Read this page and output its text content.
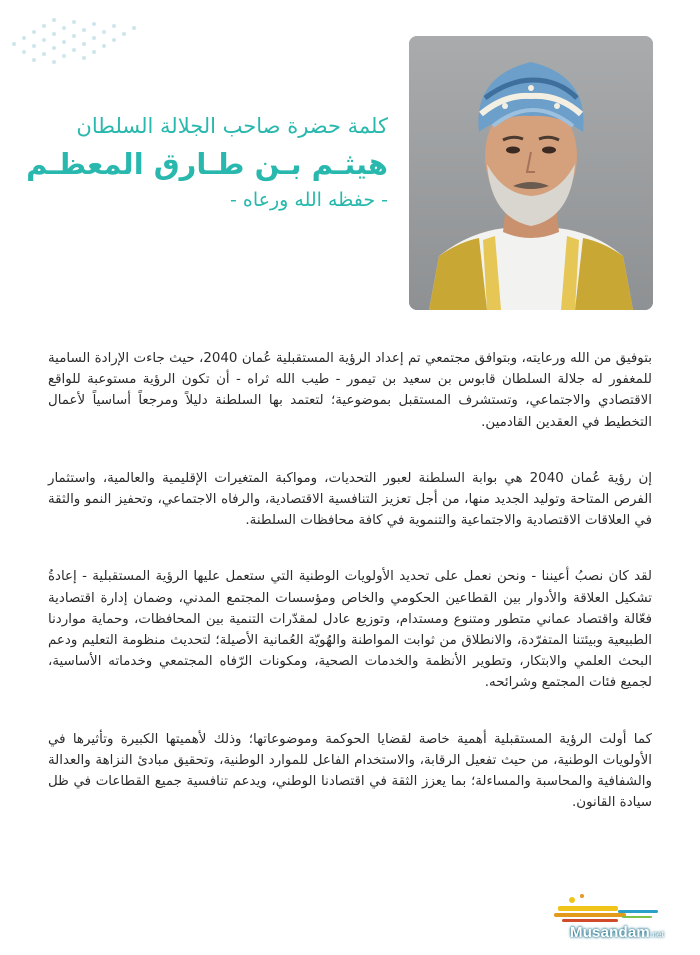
كلمة حضرة صاحب الجلالة السلطان
هيثـم بـن طـارق المعظـم
- حفظه الله ورعاه -

بتوفيق من الله ورعايته، وبتوافق مجتمعي تم إعداد الرؤية المستقبلية عُمان 2040، حيث جاءت الإرادة السامية للمغفور له جلالة السلطان قابوس بن سعيد بن تيمور - طيب الله ثراه - أن تكون الرؤية مستوعبة للواقع الاقتصادي والاجتماعي، وتستشرف المستقبل بموضوعية؛ لتعتمد بها السلطنة دليلاً ومرجعاً أساسياً لأعمال التخطيط في العقدين القادمين.

إن رؤية عُمان 2040 هي بوابة السلطنة لعبور التحديات، ومواكبة المتغيرات الإقليمية والعالمية، واستثمار الفرص المتاحة وتوليد الجديد منها، من أجل تعزيز التنافسية الاقتصادية، والرفاه الاجتماعي، وتحفيز النمو والثقة في العلاقات الاقتصادية والاجتماعية والتنموية في كافة محافظات السلطنة.

لقد كان نصبُ أعيننا - ونحن نعمل على تحديد الأولويات الوطنية التي ستعمل عليها الرؤية المستقبلية - إعادةُ تشكيل العلاقة والأدوار بين القطاعين الحكومي والخاص ومؤسسات المجتمع المدني، وضمان إدارة اقتصادية فعّالة واقتصاد عماني متطور ومتنوع ومستدام، وتوزيع عادل لمقدّرات التنمية بين المحافظات، وحماية مواردنا الطبيعية وبيئتنا المتفرّدة، والانطلاق من ثوابت المواطنة والهُويّة العُمانية الأصيلة؛ لتحديث منظومة التعليم ودعم البحث العلمي والابتكار، وتطوير الأنظمة والخدمات الصحية، ومكونات الرّفاه المجتمعي وخدماته الأساسية، لجميع فئات المجتمع وشرائحه.

كما أولت الرؤية المستقبلية أهمية خاصة لقضايا الحوكمة وموضوعاتها؛ وذلك لأهميتها الكبيرة وتأثيرها في الأولويات الوطنية، من حيث تفعيل الرقابة، والاستخدام الفاعل للموارد الوطنية، وتحقيق مبادئ النزاهة والعدالة والشفافية والمحاسبة والمساءلة؛ بما يعزز الثقة في اقتصادنا الوطني، ويدعم تنافسية جميع القطاعات في ظل سيادة القانون.

Musandam.net
